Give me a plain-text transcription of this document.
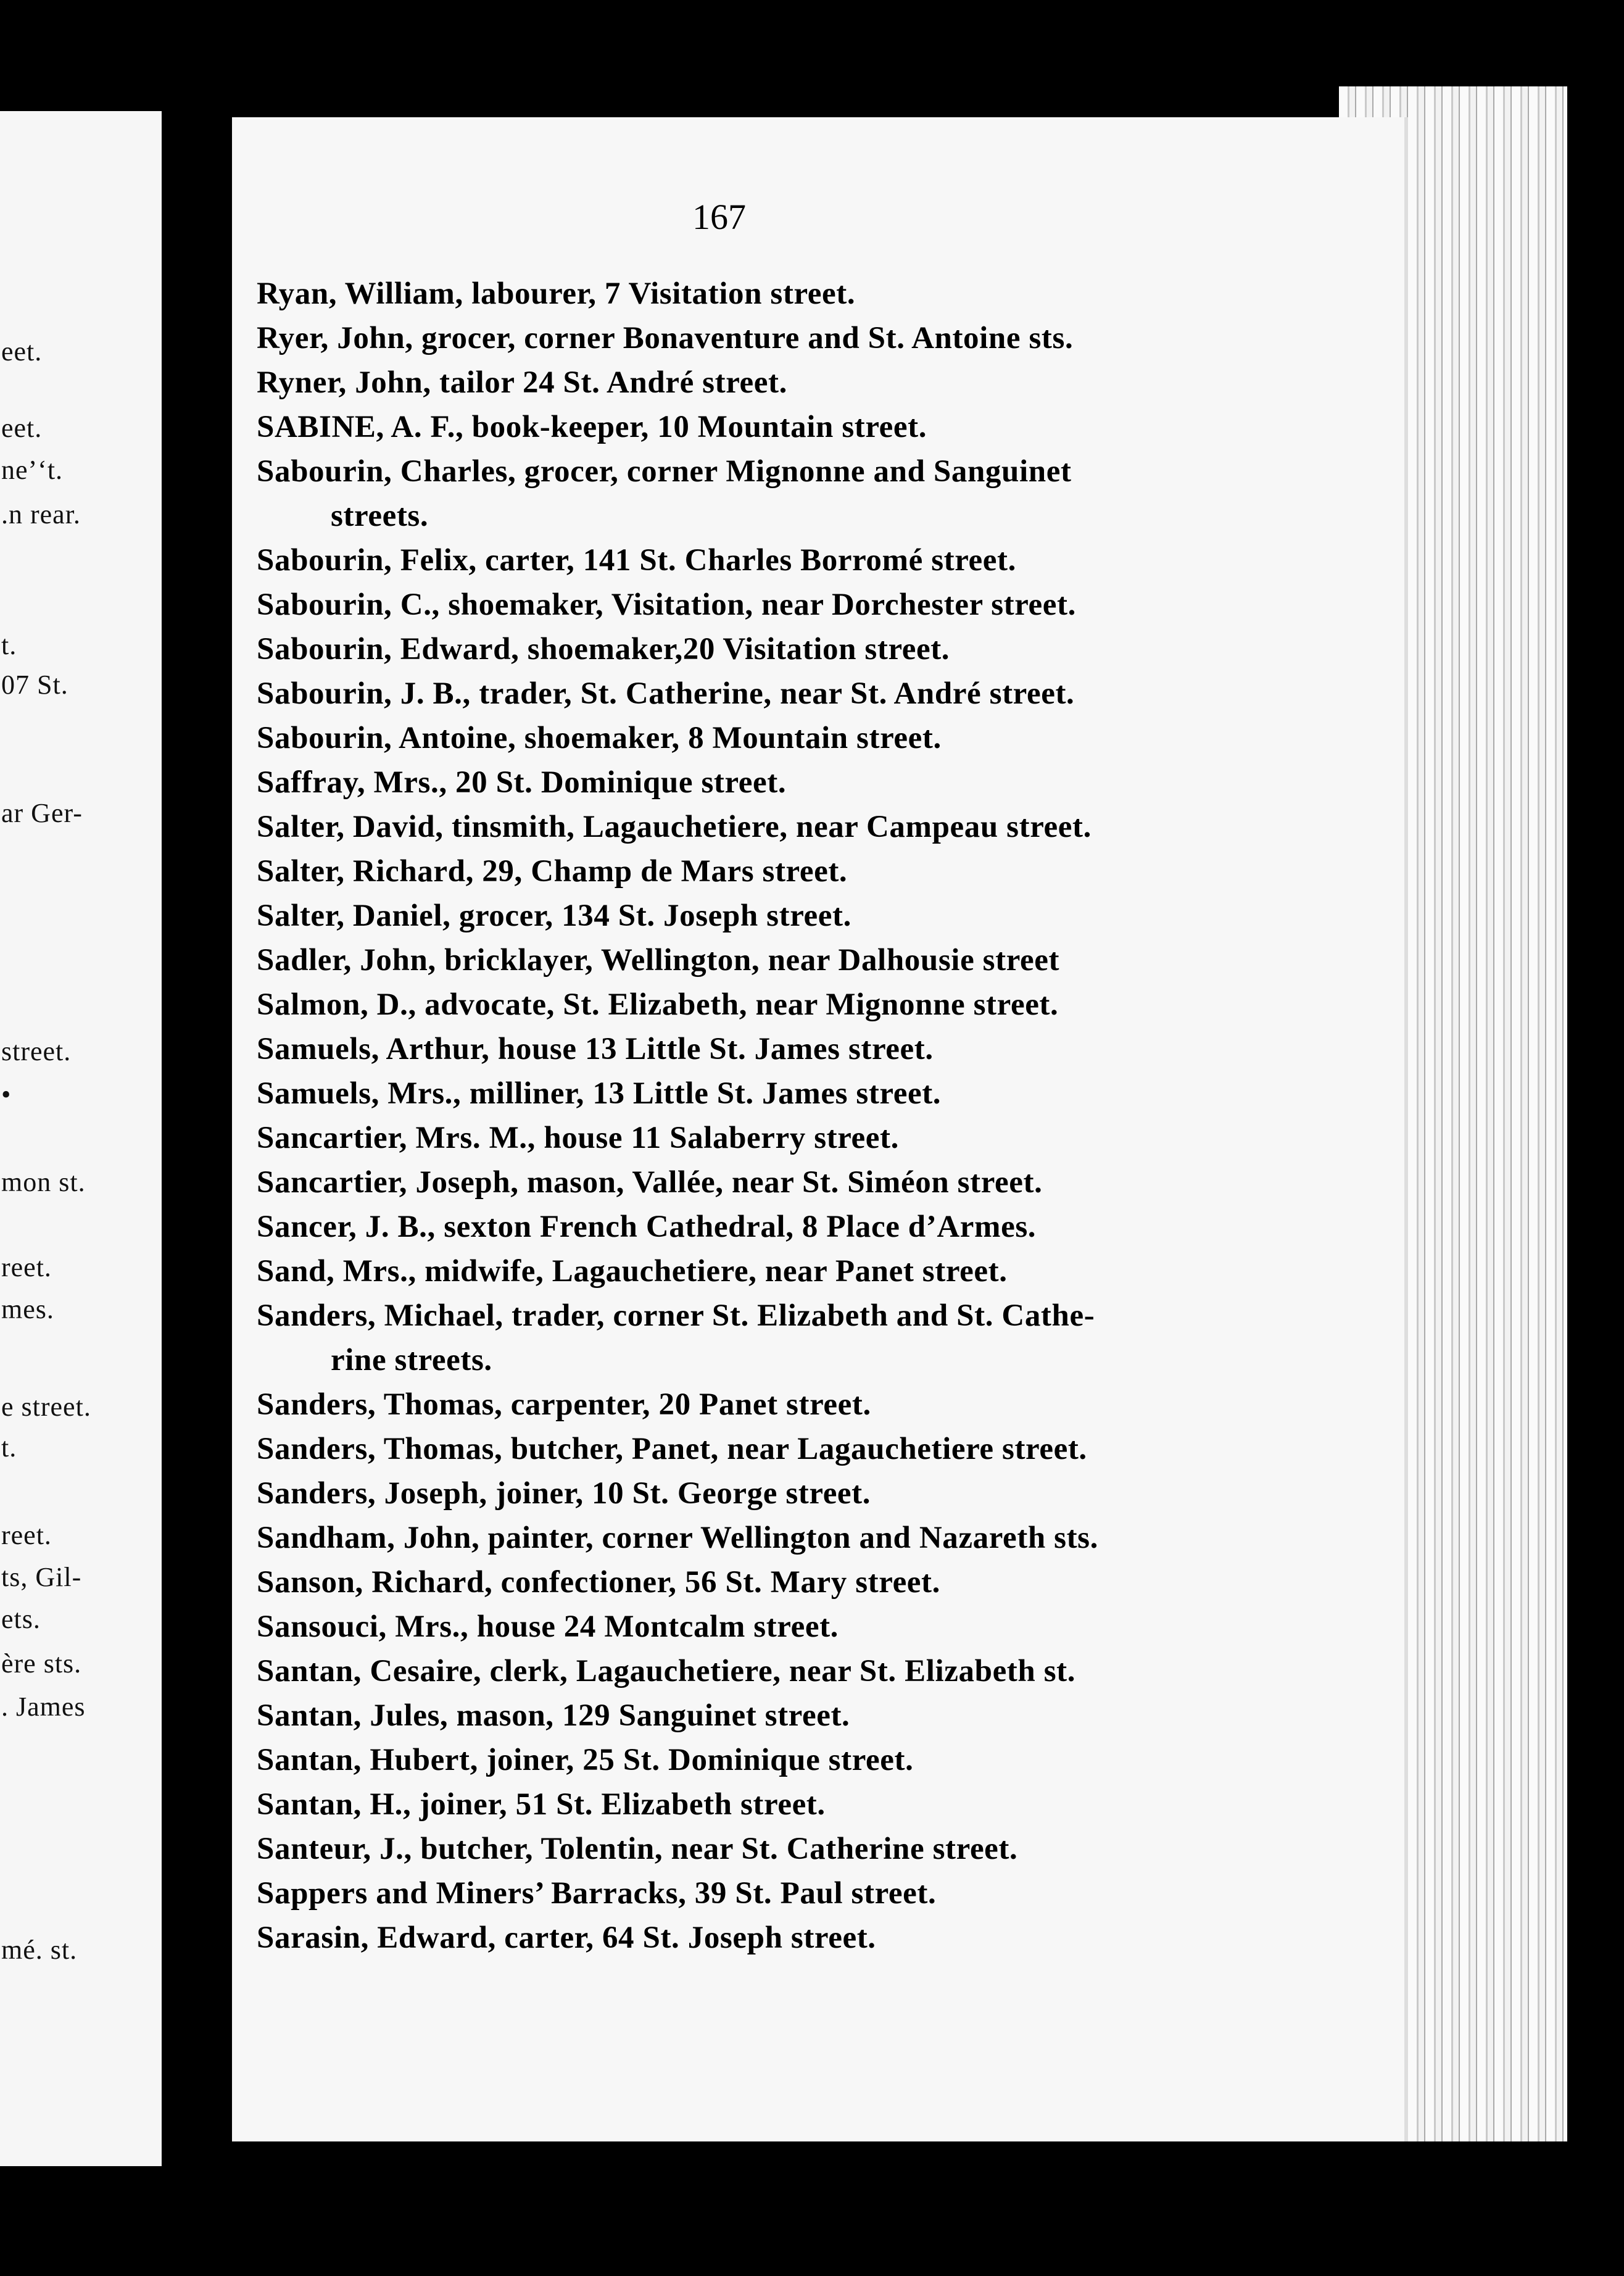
eet.
eet.
ne’‘t.
.n rear.
t.
07 St.
ar Ger-
street.
•
mon st.
reet.
mes.
e street.
t.
reet.
ts, Gil-
ets.
ère sts.
. James
mé. st.
167
Ryan, William, labourer, 7 Visitation street.
Ryer, John, grocer, corner Bonaventure and St. Antoine sts.
Ryner, John, tailor 24 St. André street.
SABINE, A. F., book-keeper, 10 Mountain street.
Sabourin, Charles, grocer, corner Mignonne and Sanguinet
streets.
Sabourin, Felix, carter, 141 St. Charles Borromé street.
Sabourin, C., shoemaker, Visitation, near Dorchester street.
Sabourin, Edward, shoemaker,20 Visitation street.
Sabourin, J. B., trader, St. Catherine, near St. André street.
Sabourin, Antoine, shoemaker, 8 Mountain street.
Saffray, Mrs., 20 St. Dominique street.
Salter, David, tinsmith, Lagauchetiere, near Campeau street.
Salter, Richard, 29, Champ de Mars street.
Salter, Daniel, grocer, 134 St. Joseph street.
Sadler, John, bricklayer, Wellington, near Dalhousie street
Salmon, D., advocate, St. Elizabeth, near Mignonne street.
Samuels, Arthur, house 13 Little St. James street.
Samuels, Mrs., milliner, 13 Little St. James street.
Sancartier, Mrs. M., house 11 Salaberry street.
Sancartier, Joseph, mason, Vallée, near St. Siméon street.
Sancer, J. B., sexton French Cathedral, 8 Place d’Armes.
Sand, Mrs., midwife, Lagauchetiere, near Panet street.
Sanders, Michael, trader, corner St. Elizabeth and St. Cathe-
rine streets.
Sanders, Thomas, carpenter, 20 Panet street.
Sanders, Thomas, butcher, Panet, near Lagauchetiere street.
Sanders, Joseph, joiner, 10 St. George street.
Sandham, John, painter, corner Wellington and Nazareth sts.
Sanson, Richard, confectioner, 56 St. Mary street.
Sansouci, Mrs., house 24 Montcalm street.
Santan, Cesaire, clerk, Lagauchetiere, near St. Elizabeth st.
Santan, Jules, mason, 129 Sanguinet street.
Santan, Hubert, joiner, 25 St. Dominique street.
Santan, H., joiner, 51 St. Elizabeth street.
Santeur, J., butcher, Tolentin, near St. Catherine street.
Sappers and Miners’ Barracks, 39 St. Paul street.
Sarasin, Edward, carter, 64 St. Joseph street.
